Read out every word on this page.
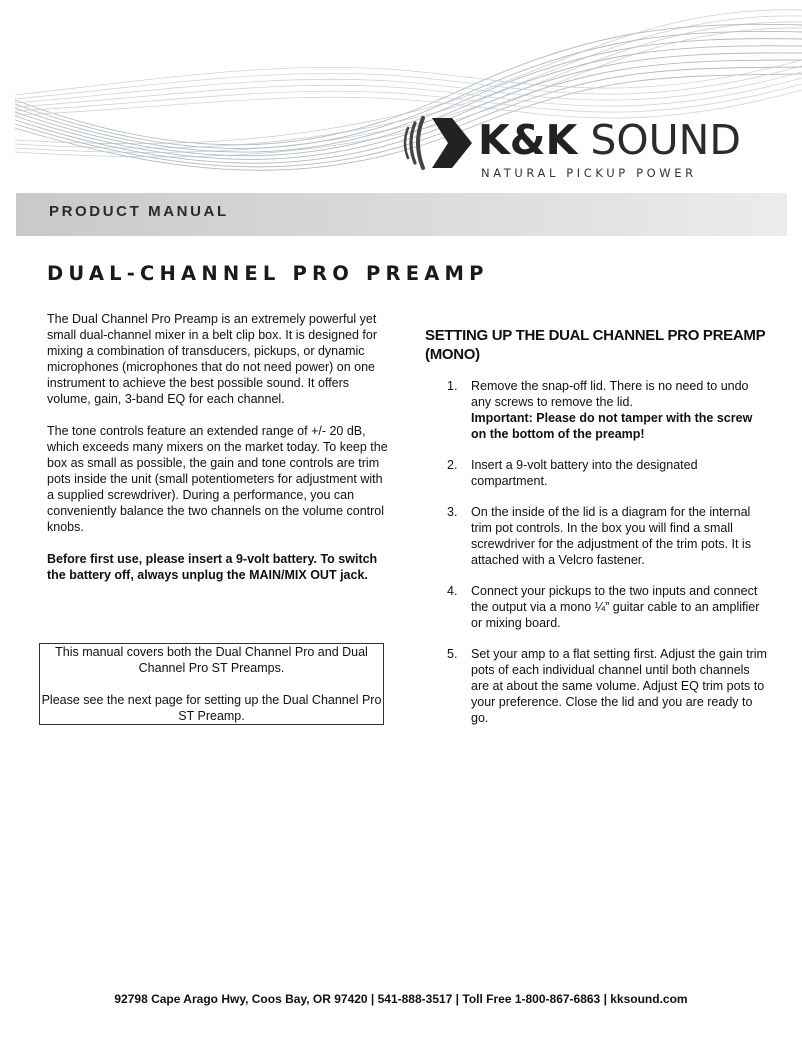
K&K SOUND

NATURAL PICKUP POWER

PRODUCT MANUAL

DUAL-CHANNEL PRO PREAMP

The Dual Channel Pro Preamp is an extremely powerful yet small dual-channel mixer in a belt clip box. It is designed for mixing a combination of transducers, pickups, or dynamic microphones (microphones that do not need power) on one instrument to achieve the best possible sound. It offers volume, gain, 3-band EQ for each channel.

The tone controls feature an extended range of +/- 20 dB, which exceeds many mixers on the market today. To keep the box as small as possible, the gain and tone controls are trim pots inside the unit (small potentiometers for adjustment with a supplied screwdriver). During a performance, you can conveniently balance the two channels on the volume control knobs.

Before first use, please insert a 9-volt battery. To switch the battery off, always unplug the MAIN/MIX OUT jack.

This manual covers both the Dual Channel Pro and Dual Channel Pro ST Preamps.

Please see the next page for setting up the Dual Channel Pro ST Preamp.

SETTING UP THE DUAL CHANNEL PRO PREAMP (MONO)
1. Remove the snap-off lid. There is no need to undo any screws to remove the lid.
Important: Please do not tamper with the screw on the bottom of the preamp!
2. Insert a 9-volt battery into the designated compartment.
3. On the inside of the lid is a diagram for the internal trim pot controls. In the box you will find a small screwdriver for the adjustment of the trim pots. It is attached with a Velcro fastener.
4. Connect your pickups to the two inputs and connect the output via a mono ¼” guitar cable to an amplifier or mixing board.
5. Set your amp to a flat setting first. Adjust the gain trim pots of each individual channel until both channels are at about the same volume. Adjust EQ trim pots to your preference. Close the lid and you are ready to go.

92798 Cape Arago Hwy, Coos Bay, OR 97420 | 541-888-3517 | Toll Free 1-800-867-6863 | kksound.com
